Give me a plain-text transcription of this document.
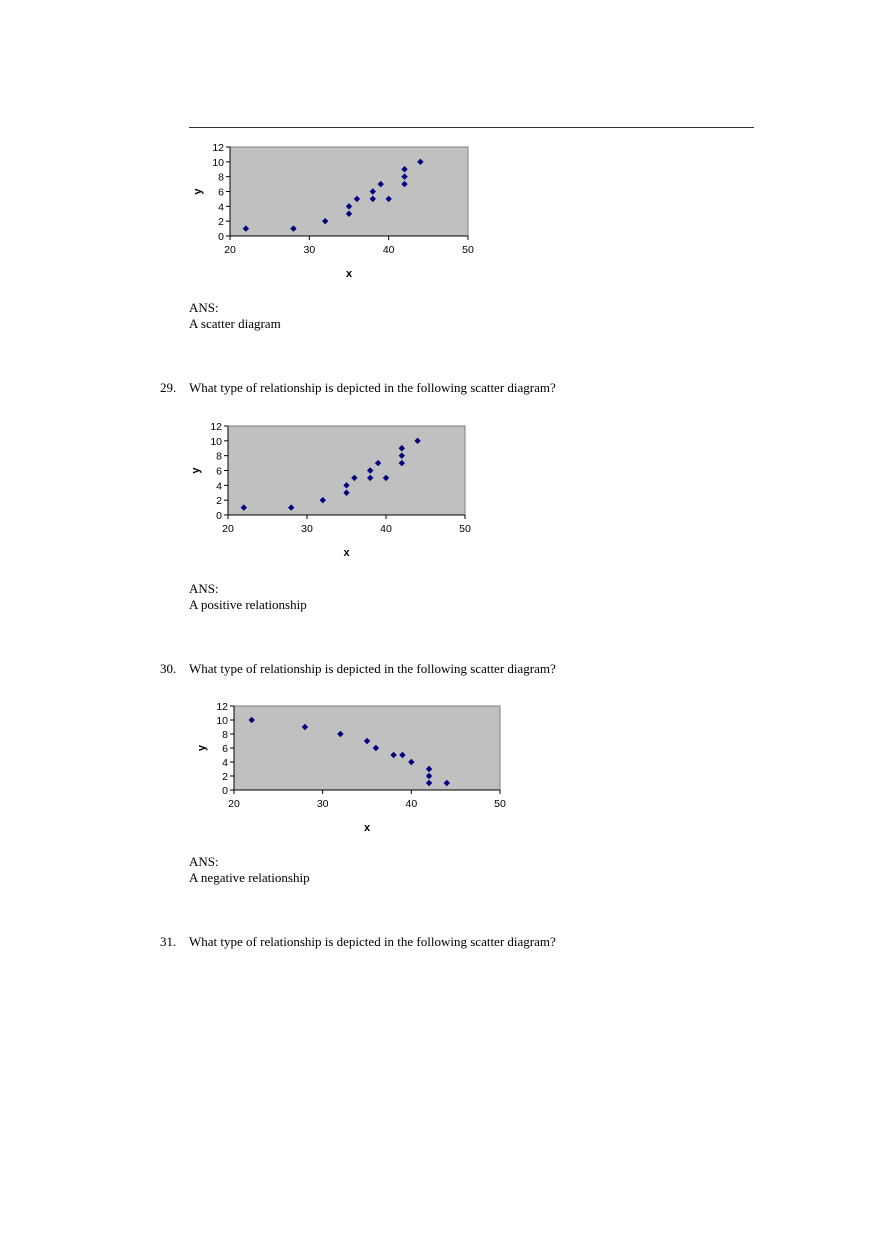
0
2
4
6
8
10
12
20	30	40	50
x
y
ANS:
A scatter diagram
29. What type of relationship is depicted in the following scatter diagram?
0
2
4
6
8
10
12
20	30	40	50
x
y
ANS:
A positive relationship
30. What type of relationship is depicted in the following scatter diagram?
0
2
4
6
8
10
12
20	30	40	50
x
y
ANS:
A negative relationship
31. What type of relationship is depicted in the following scatter diagram?
